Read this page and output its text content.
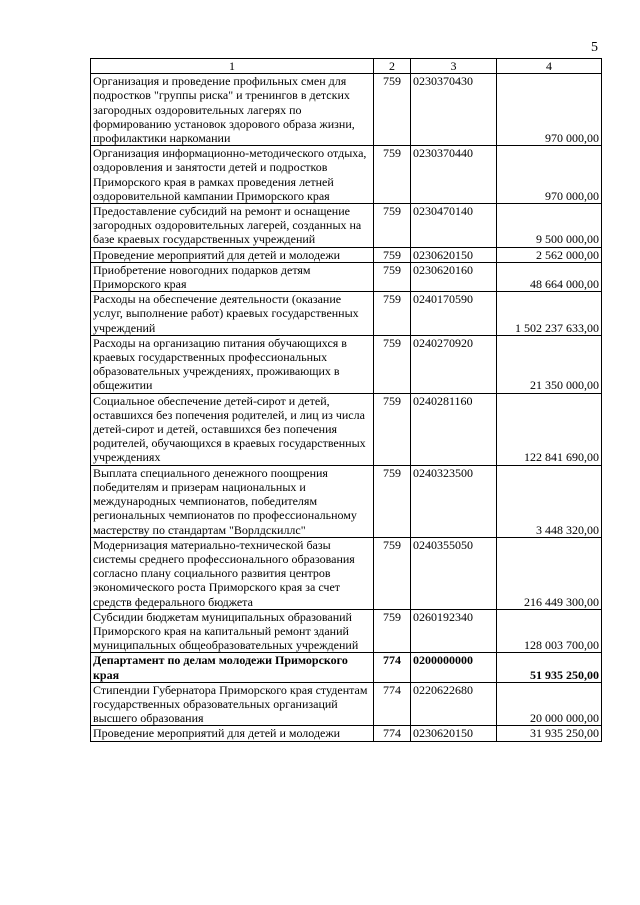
5
1	2	3	4
Организация и проведение профильных смен для подростков "группы риска" и тренингов в детских загородных оздоровительных лагерях по формированию установок здорового образа жизни, профилактики наркомании	759	0230370430	970 000,00
Организация информационно-методического отдыха, оздоровления и занятости детей и подростков Приморского края в рамках проведения летней оздоровительной кампании Приморского края	759	0230370440	970 000,00
Предоставление субсидий на ремонт и оснащение загородных оздоровительных лагерей, созданных на базе краевых государственных учреждений	759	0230470140	9 500 000,00
Проведение мероприятий для детей и молодежи	759	0230620150	2 562 000,00
Приобретение новогодних подарков детям Приморского края	759	0230620160	48 664 000,00
Расходы на обеспечение деятельности (оказание услуг, выполнение работ) краевых государственных учреждений	759	0240170590	1 502 237 633,00
Расходы на организацию питания обучающихся в краевых государственных профессиональных образовательных учреждениях, проживающих в общежитии	759	0240270920	21 350 000,00
Социальное обеспечение детей-сирот и детей, оставшихся без попечения родителей, и лиц из числа детей-сирот и детей, оставшихся без попечения родителей, обучающихся в краевых государственных учреждениях	759	0240281160	122 841 690,00
Выплата специального денежного поощрения победителям и призерам национальных и международных чемпионатов, победителям региональных чемпионатов по профессиональному мастерству по стандартам "Ворлдскиллс"	759	0240323500	3 448 320,00
Модернизация материально-технической базы системы среднего профессионального образования согласно плану социального развития центров экономического роста Приморского края за счет средств федерального бюджета	759	0240355050	216 449 300,00
Субсидии бюджетам муниципальных образований Приморского края на капитальный ремонт зданий муниципальных общеобразовательных учреждений	759	0260192340	128 003 700,00
Департамент по делам молодежи Приморского края	774	0200000000	51 935 250,00
Стипендии Губернатора Приморского края студентам государственных образовательных организаций высшего образования	774	0220622680	20 000 000,00
Проведение мероприятий для детей и молодежи	774	0230620150	31 935 250,00
